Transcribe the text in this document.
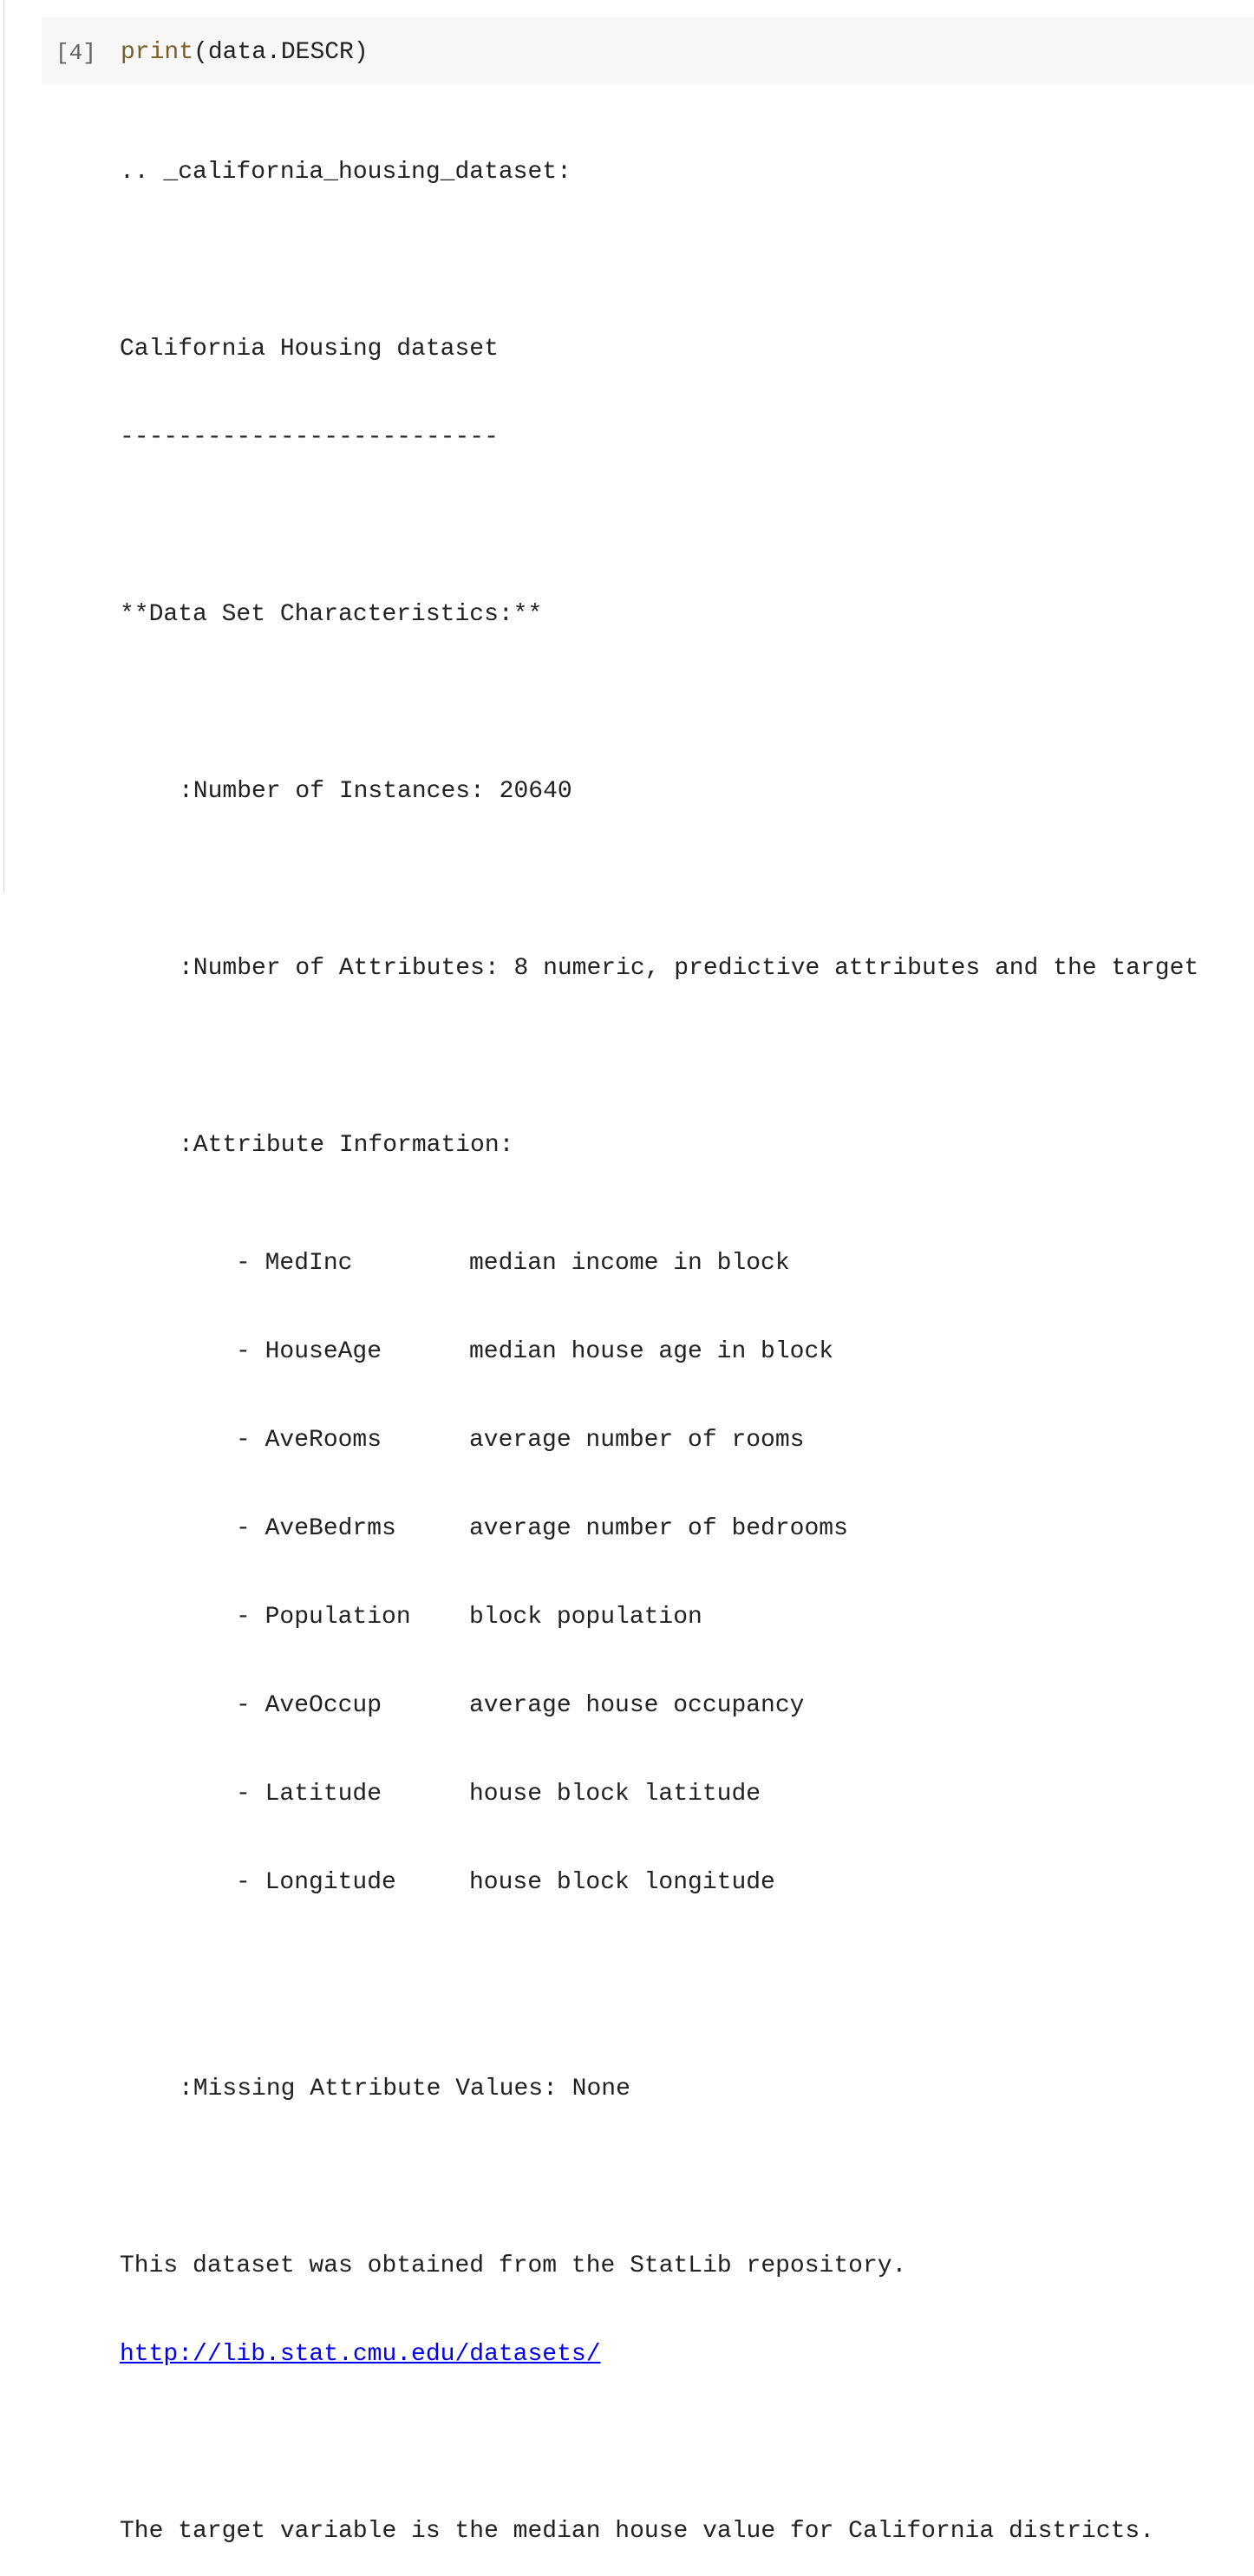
[4] print(data.DESCR)

.. _california_housing_dataset:

California Housing dataset

--------------------------

**Data Set Characteristics:**

:Number of Instances: 20640

:Number of Attributes: 8 numeric, predictive attributes and the target

:Attribute Information:

- MedInc	median income in block

- HouseAge	median house age in block

- AveRooms	average number of rooms

- AveBedrms	average number of bedrooms

- Population block population

- AveOccup	average house occupancy

- Latitude	house block latitude

- Longitude	house block longitude

:Missing Attribute Values: None

This dataset was obtained from the StatLib repository.

http://lib.stat.cmu.edu/datasets/

The target variable is the median house value for California districts.
